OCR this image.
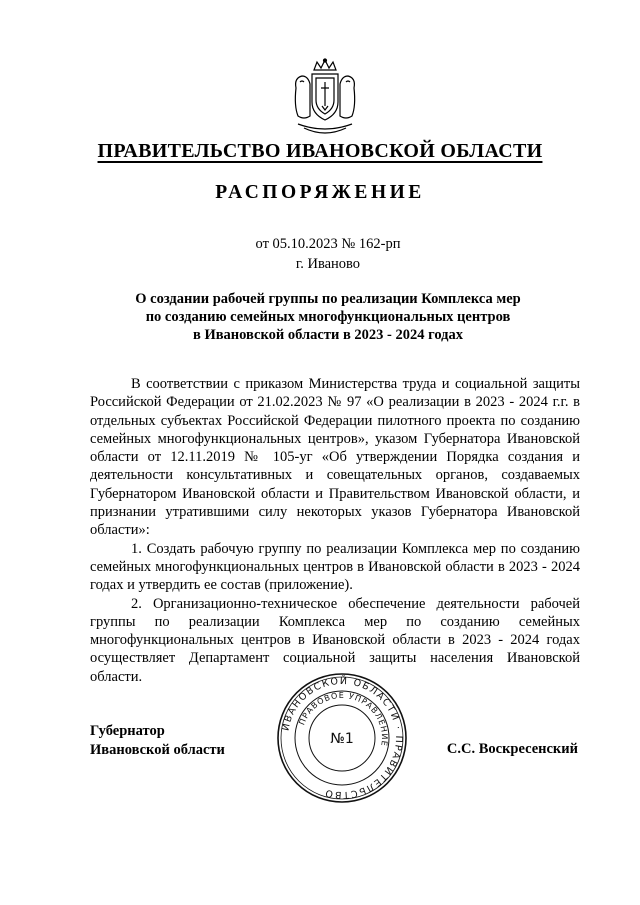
ПРАВИТЕЛЬСТВО ИВАНОВСКОЙ ОБЛАСТИ
РАСПОРЯЖЕНИЕ
от 05.10.2023 № 162-рп
г. Иваново
О создании рабочей группы по реализации Комплекса мер
по созданию семейных многофункциональных центров
в Ивановской области в 2023 - 2024 годах

В соответствии с приказом Министерства труда и социальной защиты Российской Федерации от 21.02.2023 № 97 «О реализации в 2023 - 2024 г.г. в отдельных субъектах Российской Федерации пилотного проекта по созданию семейных многофункциональных центров», указом Губернатора Ивановской области от 12.11.2019 № 105-уг «Об утверждении Порядка создания и деятельности консультативных и совещательных органов, создаваемых Губернатором Ивановской области и Правительством Ивановской области, и признании утратившими силу некоторых указов Губернатора Ивановской области»:

1. Создать рабочую группу по реализации Комплекса мер по созданию семейных многофункциональных центров в Ивановской области в 2023 - 2024 годах и утвердить ее состав (приложение).

2. Организационно-техническое обеспечение деятельности рабочей группы по реализации Комплекса мер по созданию семейных многофункциональных центров в Ивановской области в 2023 - 2024 годах осуществляет Департамент социальной защиты населения Ивановской области.

ИВАНОВСКОЙ ОБЛАСТИ · ПРАВИТЕЛЬСТВО
ПРАВОВОЕ УПРАВЛЕНИЕ
№1
Губернатор
Ивановской области	С.С. Воскресенский
